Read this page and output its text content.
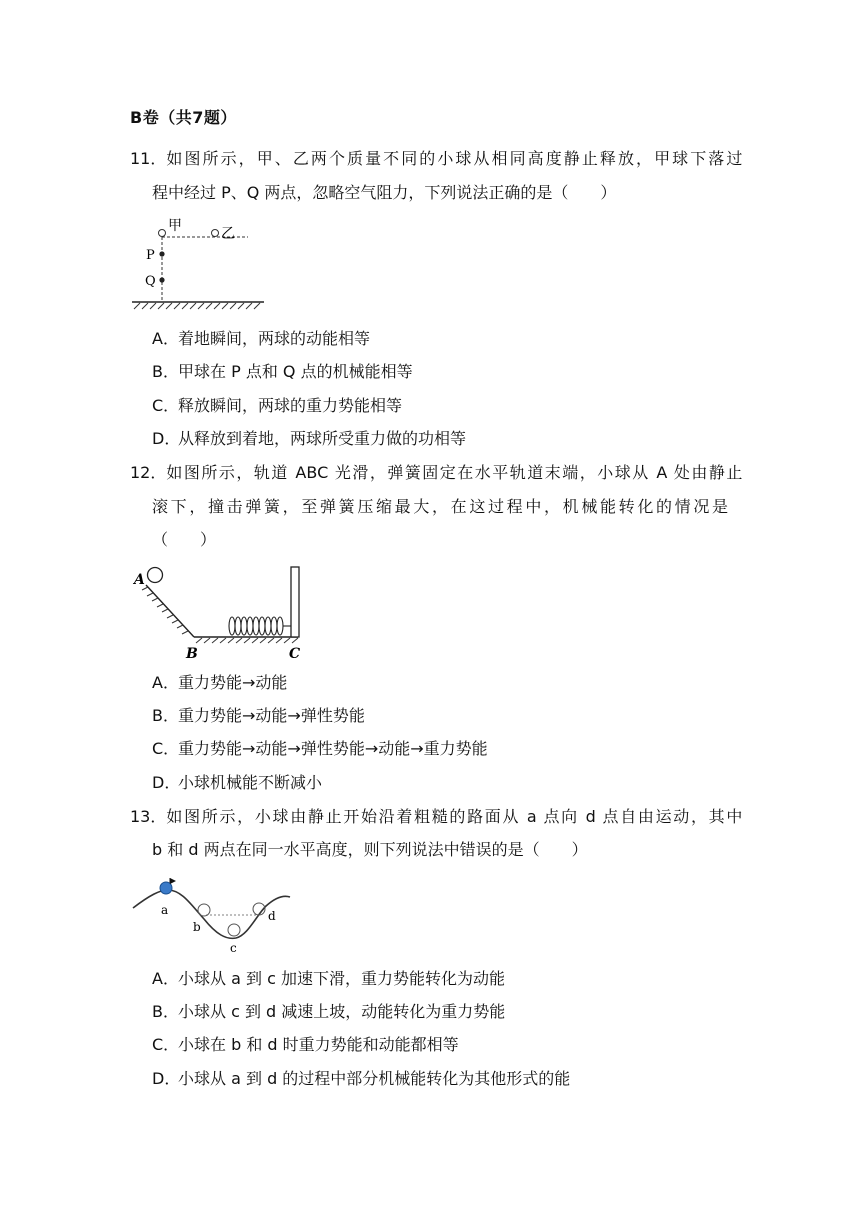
B卷（共7题）
11．如图所示，甲、乙两个质量不同的小球从相同高度静止释放，甲球下落过
程中经过 P、Q 两点，忽略空气阻力，下列说法正确的是（　　）
甲	乙
P
Q
A．着地瞬间，两球的动能相等
B．甲球在 P 点和 Q 点的机械能相等
C．释放瞬间，两球的重力势能相等
D．从释放到着地，两球所受重力做的功相等
12．如图所示，轨道 ABC 光滑，弹簧固定在水平轨道末端，小球从 A 处由静止
滚下，撞击弹簧，至弹簧压缩最大，在这过程中，机械能转化的情况是
（　　）
A
B	C
A．重力势能→动能
B．重力势能→动能→弹性势能
C．重力势能→动能→弹性势能→动能→重力势能
D．小球机械能不断减小
13．如图所示，小球由静止开始沿着粗糙的路面从 a 点向 d 点自由运动，其中
b 和 d 两点在同一水平高度，则下列说法中错误的是（　　）
a
b
c
d
A．小球从 a 到 c 加速下滑，重力势能转化为动能
B．小球从 c 到 d 减速上坡，动能转化为重力势能
C．小球在 b 和 d 时重力势能和动能都相等
D．小球从 a 到 d 的过程中部分机械能转化为其他形式的能
